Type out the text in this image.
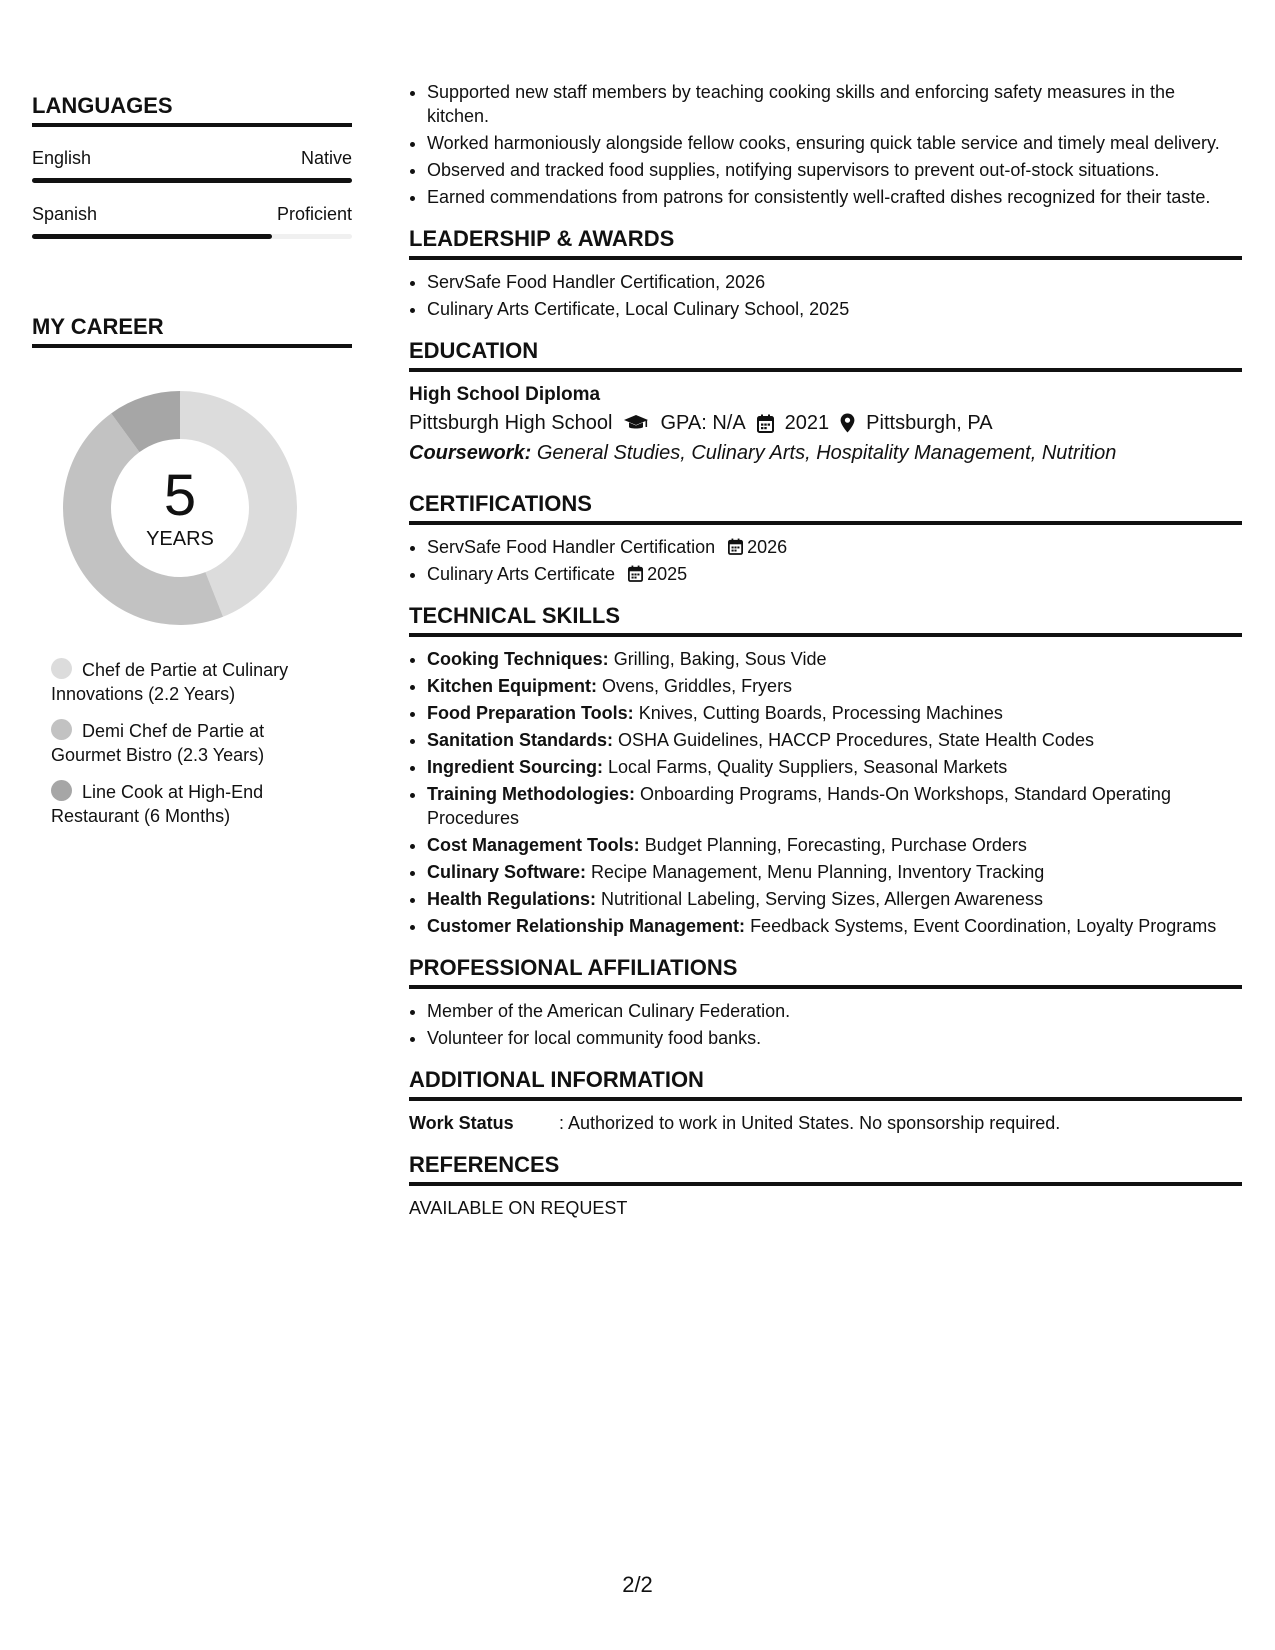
LANGUAGES
English	Native
Spanish	Proficient
MY CAREER
5
YEARS
Chef de Partie at Culinary Innovations (2.2 Years)
Demi Chef de Partie at Gourmet Bistro (2.3 Years)
Line Cook at High-End Restaurant (6 Months)
• Supported new staff members by teaching cooking skills and enforcing safety measures in the kitchen.
• Worked harmoniously alongside fellow cooks, ensuring quick table service and timely meal delivery.
• Observed and tracked food supplies, notifying supervisors to prevent out-of-stock situations.
• Earned commendations from patrons for consistently well-crafted dishes recognized for their taste.
LEADERSHIP & AWARDS
• ServSafe Food Handler Certification, 2026
• Culinary Arts Certificate, Local Culinary School, 2025
EDUCATION
High School Diploma
Pittsburgh High School GPA: N/A 2021 Pittsburgh, PA
Coursework: General Studies, Culinary Arts, Hospitality Management, Nutrition
CERTIFICATIONS
• ServSafe Food Handler Certification 2026
• Culinary Arts Certificate 2025
TECHNICAL SKILLS
• Cooking Techniques: Grilling, Baking, Sous Vide
• Kitchen Equipment: Ovens, Griddles, Fryers
• Food Preparation Tools: Knives, Cutting Boards, Processing Machines
• Sanitation Standards: OSHA Guidelines, HACCP Procedures, State Health Codes
• Ingredient Sourcing: Local Farms, Quality Suppliers, Seasonal Markets
• Training Methodologies: Onboarding Programs, Hands-On Workshops, Standard Operating Procedures
• Cost Management Tools: Budget Planning, Forecasting, Purchase Orders
• Culinary Software: Recipe Management, Menu Planning, Inventory Tracking
• Health Regulations: Nutritional Labeling, Serving Sizes, Allergen Awareness
• Customer Relationship Management: Feedback Systems, Event Coordination, Loyalty Programs
PROFESSIONAL AFFILIATIONS
• Member of the American Culinary Federation.
• Volunteer for local community food banks.
ADDITIONAL INFORMATION
Work Status	: Authorized to work in United States. No sponsorship required.
REFERENCES
AVAILABLE ON REQUEST
2/2
